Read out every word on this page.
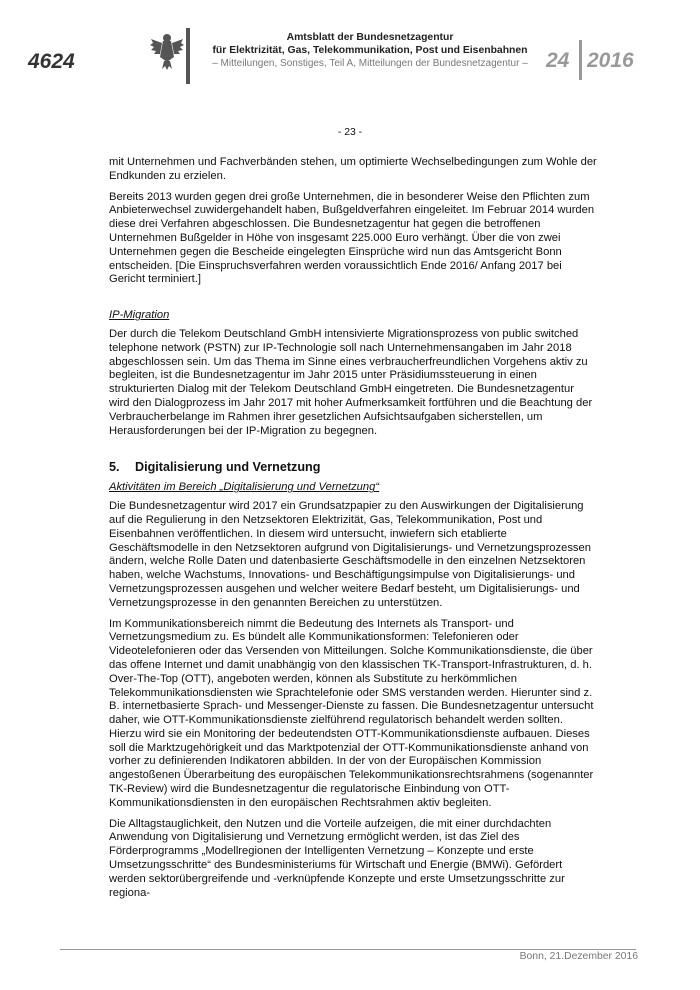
4624
Amtsblatt der Bundesnetzagentur
für Elektrizität, Gas, Telekommunikation, Post und Eisenbahnen
– Mitteilungen, Sonstiges, Teil A, Mitteilungen der Bundesnetzagentur – 24 2016
- 23 -

mit Unternehmen und Fachverbänden stehen, um optimierte Wechselbedingungen zum Wohle der Endkunden zu erzielen.

Bereits 2013 wurden gegen drei große Unternehmen, die in besonderer Weise den Pflichten zum Anbieterwechsel zuwidergehandelt haben, Bußgeldverfahren eingeleitet. Im Februar 2014 wurden diese drei Verfahren abgeschlossen. Die Bundesnetzagentur hat gegen die betroffenen Unternehmen Bußgelder in Höhe von insgesamt 225.000 Euro verhängt. Über die von zwei Unternehmen gegen die Bescheide eingelegten Einsprüche wird nun das Amtsgericht Bonn entscheiden. [Die Einspruchsverfahren werden voraussichtlich Ende 2016/ Anfang 2017 bei Gericht terminiert.]

IP-Migration

Der durch die Telekom Deutschland GmbH intensivierte Migrationsprozess von public switched telephone network (PSTN) zur IP-Technologie soll nach Unternehmensangaben im Jahr 2018 abgeschlossen sein. Um das Thema im Sinne eines verbraucherfreundlichen Vorgehens aktiv zu begleiten, ist die Bundesnetzagentur im Jahr 2015 unter Präsidiumssteuerung in einen strukturierten Dialog mit der Telekom Deutschland GmbH eingetreten. Die Bundesnetzagentur wird den Dialogprozess im Jahr 2017 mit hoher Aufmerksamkeit fortführen und die Beachtung der Verbraucherbelange im Rahmen ihrer gesetzlichen Aufsichtsaufgaben sicherstellen, um Herausforderungen bei der IP-Migration zu begegnen.

5. Digitalisierung und Vernetzung

Aktivitäten im Bereich „Digitalisierung und Vernetzung“

Die Bundesnetzagentur wird 2017 ein Grundsatzpapier zu den Auswirkungen der Digitalisierung auf die Regulierung in den Netzsektoren Elektrizität, Gas, Telekommunikation, Post und Eisenbahnen veröffentlichen. In diesem wird untersucht, inwiefern sich etablierte Geschäftsmodelle in den Netzsektoren aufgrund von Digitalisierungs- und Vernetzungsprozessen ändern, welche Rolle Daten und datenbasierte Geschäftsmodelle in den einzelnen Netzsektoren haben, welche Wachstums, Innovations- und Beschäftigungsimpulse von Digitalisierungs- und Vernetzungsprozessen ausgehen und welcher weitere Bedarf besteht, um Digitalisierungs- und Vernetzungsprozesse in den genannten Bereichen zu unterstützen.

Im Kommunikationsbereich nimmt die Bedeutung des Internets als Transport- und Vernetzungsmedium zu. Es bündelt alle Kommunikationsformen: Telefonieren oder Videotelefonieren oder das Versenden von Mitteilungen. Solche Kommunikationsdienste, die über das offene Internet und damit unabhängig von den klassischen TK-Transport-Infrastrukturen, d. h. Over-The-Top (OTT), angeboten werden, können als Substitute zu herkömmlichen Telekommunikationsdiensten wie Sprachtelefonie oder SMS verstanden werden. Hierunter sind z. B. internetbasierte Sprach- und Messenger-Dienste zu fassen. Die Bundesnetzagentur untersucht daher, wie OTT-Kommunikationsdienste zielführend regulatorisch behandelt werden sollten. Hierzu wird sie ein Monitoring der bedeutendsten OTT-Kommunikationsdienste aufbauen. Dieses soll die Marktzugehörigkeit und das Marktpotenzial der OTT-Kommunikationsdienste anhand von vorher zu definierenden Indikatoren abbilden. In der von der Europäischen Kommission angestoßenen Überarbeitung des europäischen Telekommunikationsrechtsrahmens (sogenannter TK-Review) wird die Bundesnetzagentur die regulatorische Einbindung von OTT-Kommunikationsdiensten in den europäischen Rechtsrahmen aktiv begleiten.

Die Alltagstauglichkeit, den Nutzen und die Vorteile aufzeigen, die mit einer durchdachten Anwendung von Digitalisierung und Vernetzung ermöglicht werden, ist das Ziel des Förderprogramms „Modellregionen der Intelligenten Vernetzung – Konzepte und erste Umsetzungsschritte“ des Bundesministeriums für Wirtschaft und Energie (BMWi). Gefördert werden sektorübergreifende und -verknüpfende Konzepte und erste Umsetzungsschritte zur regiona-

Bonn, 21.Dezember 2016
